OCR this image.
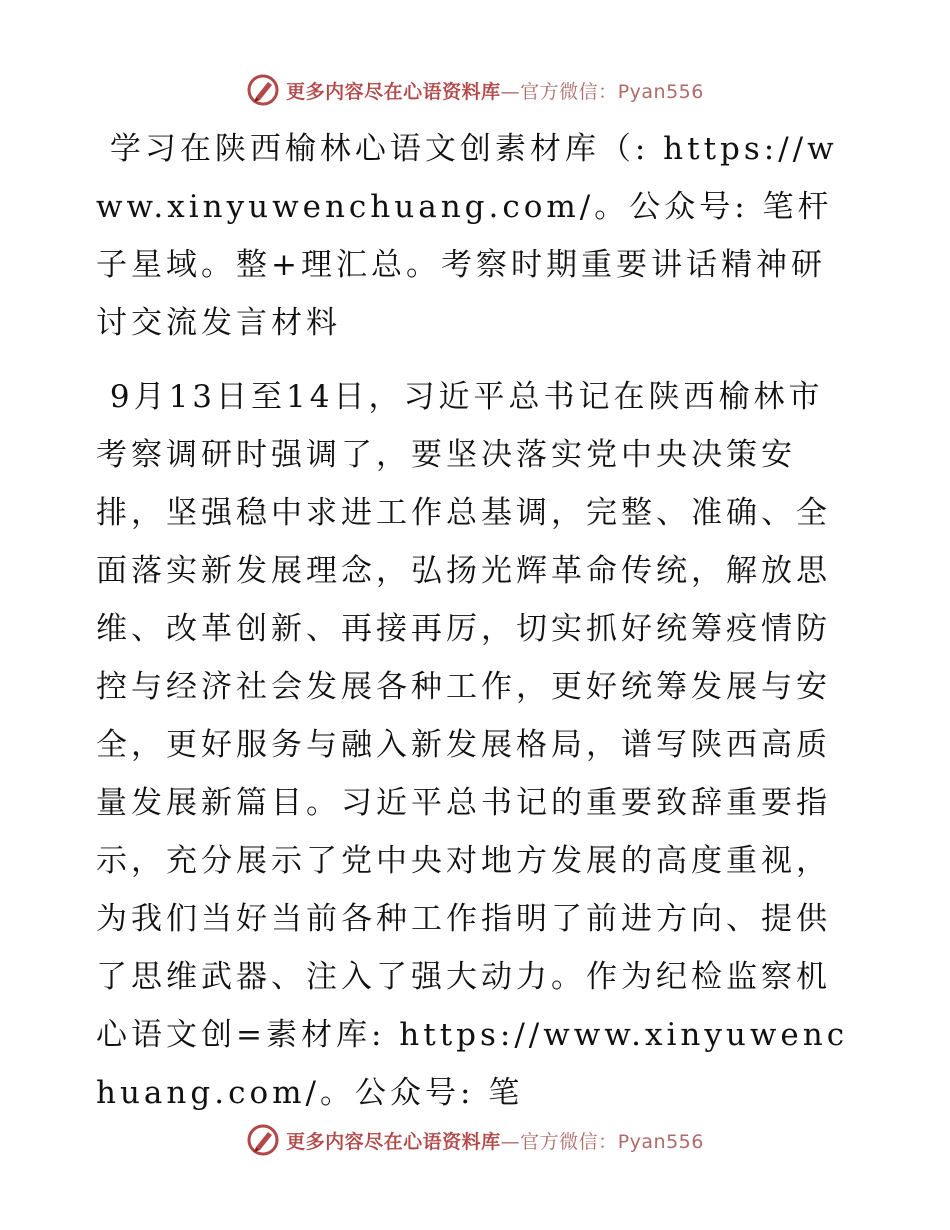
更多内容尽在心语资料库—官方微信：Pyan556

学习在陕西榆林心语文创素材库（: https://www.xinyuwenchuang.com/。公众号: 笔杆子星域。整+理汇总。考察时期重要讲话精神研讨交流发言材料

9月13日至14日，习近平总书记在陕西榆林市考察调研时强调了，要坚决落实党中央决策安排，坚强稳中求进工作总基调，完整、准确、全面落实新发展理念，弘扬光辉革命传统，解放思维、改革创新、再接再厉，切实抓好统筹疫情防控与经济社会发展各种工作，更好统筹发展与安全，更好服务与融入新发展格局，谱写陕西高质量发展新篇目。习近平总书记的重要致辞重要指示，充分展示了党中央对地方发展的高度重视，为我们当好当前各种工作指明了前进方向、提供了思维武器、注入了强大动力。作为纪检监察机心语文创=素材库: https://www.xinyuwenchuang.com/。公众号: 笔

更多内容尽在心语资料库—官方微信：Pyan556
